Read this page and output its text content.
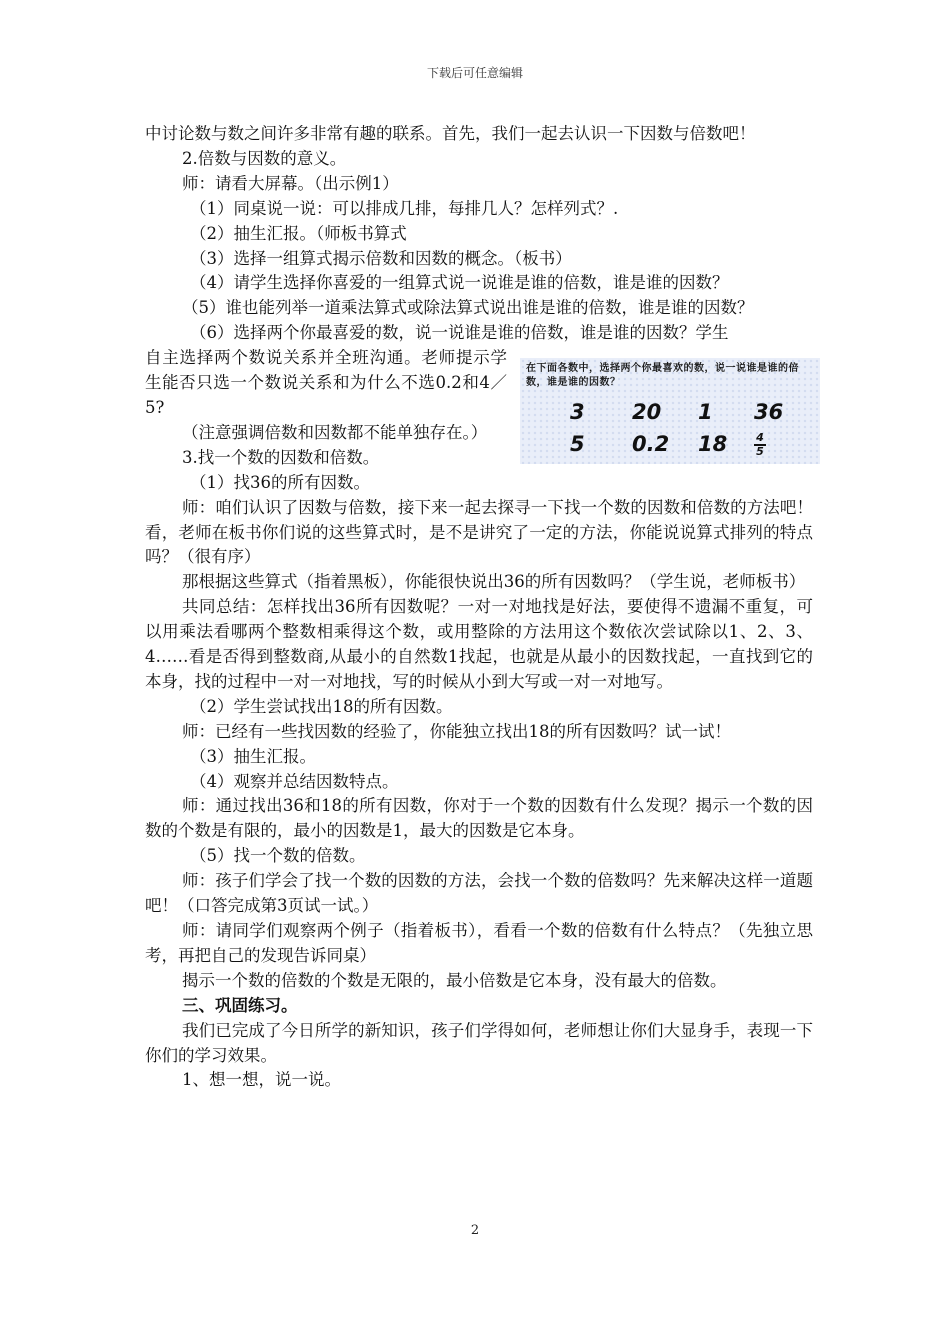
下载后可任意编辑

中讨论数与数之间许多非常有趣的联系。首先，我们一起去认识一下因数与倍数吧！

2.倍数与因数的意义。

师：请看大屏幕。（出示例1）

（1）同桌说一说：可以排成几排，每排几人？怎样列式？.

（2）抽生汇报。（师板书算式

（3）选择一组算式揭示倍数和因数的概念。（板书）

（4）请学生选择你喜爱的一组算式说一说谁是谁的倍数，谁是谁的因数？

（5）谁也能列举一道乘法算式或除法算式说出谁是谁的倍数，谁是谁的因数？

（6）选择两个你最喜爱的数，说一说谁是谁的倍数，谁是谁的因数？学生

自主选择两个数说关系并全班沟通。老师提示学生能否只选一个数说关系和为什么不选0.2和4／5?

（注意强调倍数和因数都不能单独存在。）

在下面各数中，选择两个你最喜欢的数，说一说谁是谁的倍数，谁是谁的因数？
3	20	1	36
5	0.2	18	$\frac{4}{5}$

3.找一个数的因数和倍数。

（1）找36的所有因数。

师：咱们认识了因数与倍数，接下来一起去探寻一下找一个数的因数和倍数的方法吧！看，老师在板书你们说的这些算式时，是不是讲究了一定的方法，你能说说算式排列的特点吗？（很有序）

那根据这些算式（指着黑板），你能很快说出36的所有因数吗？（学生说，老师板书）

共同总结：怎样找出36所有因数呢？一对一对地找是好法，要使得不遗漏不重复，可以用乘法看哪两个整数相乘得这个数，或用整除的方法用这个数依次尝试除以1、2、3、4……看是否得到整数商,从最小的自然数1找起，也就是从最小的因数找起，一直找到它的本身，找的过程中一对一对地找，写的时候从小到大写或一对一对地写。

（2）学生尝试找出18的所有因数。

师：已经有一些找因数的经验了，你能独立找出18的所有因数吗？试一试！

（3）抽生汇报。

（4）观察并总结因数特点。

师：通过找出36和18的所有因数，你对于一个数的因数有什么发现？揭示一个数的因数的个数是有限的，最小的因数是1，最大的因数是它本身。

（5）找一个数的倍数。

师：孩子们学会了找一个数的因数的方法，会找一个数的倍数吗？先来解决这样一道题吧！（口答完成第3页试一试。）

师：请同学们观察两个例子（指着板书），看看一个数的倍数有什么特点？（先独立思考，再把自己的发现告诉同桌）

揭示一个数的倍数的个数是无限的，最小倍数是它本身，没有最大的倍数。

三、巩固练习。

我们已完成了今日所学的新知识，孩子们学得如何，老师想让你们大显身手，表现一下你们的学习效果。

1、想一想，说一说。

2
